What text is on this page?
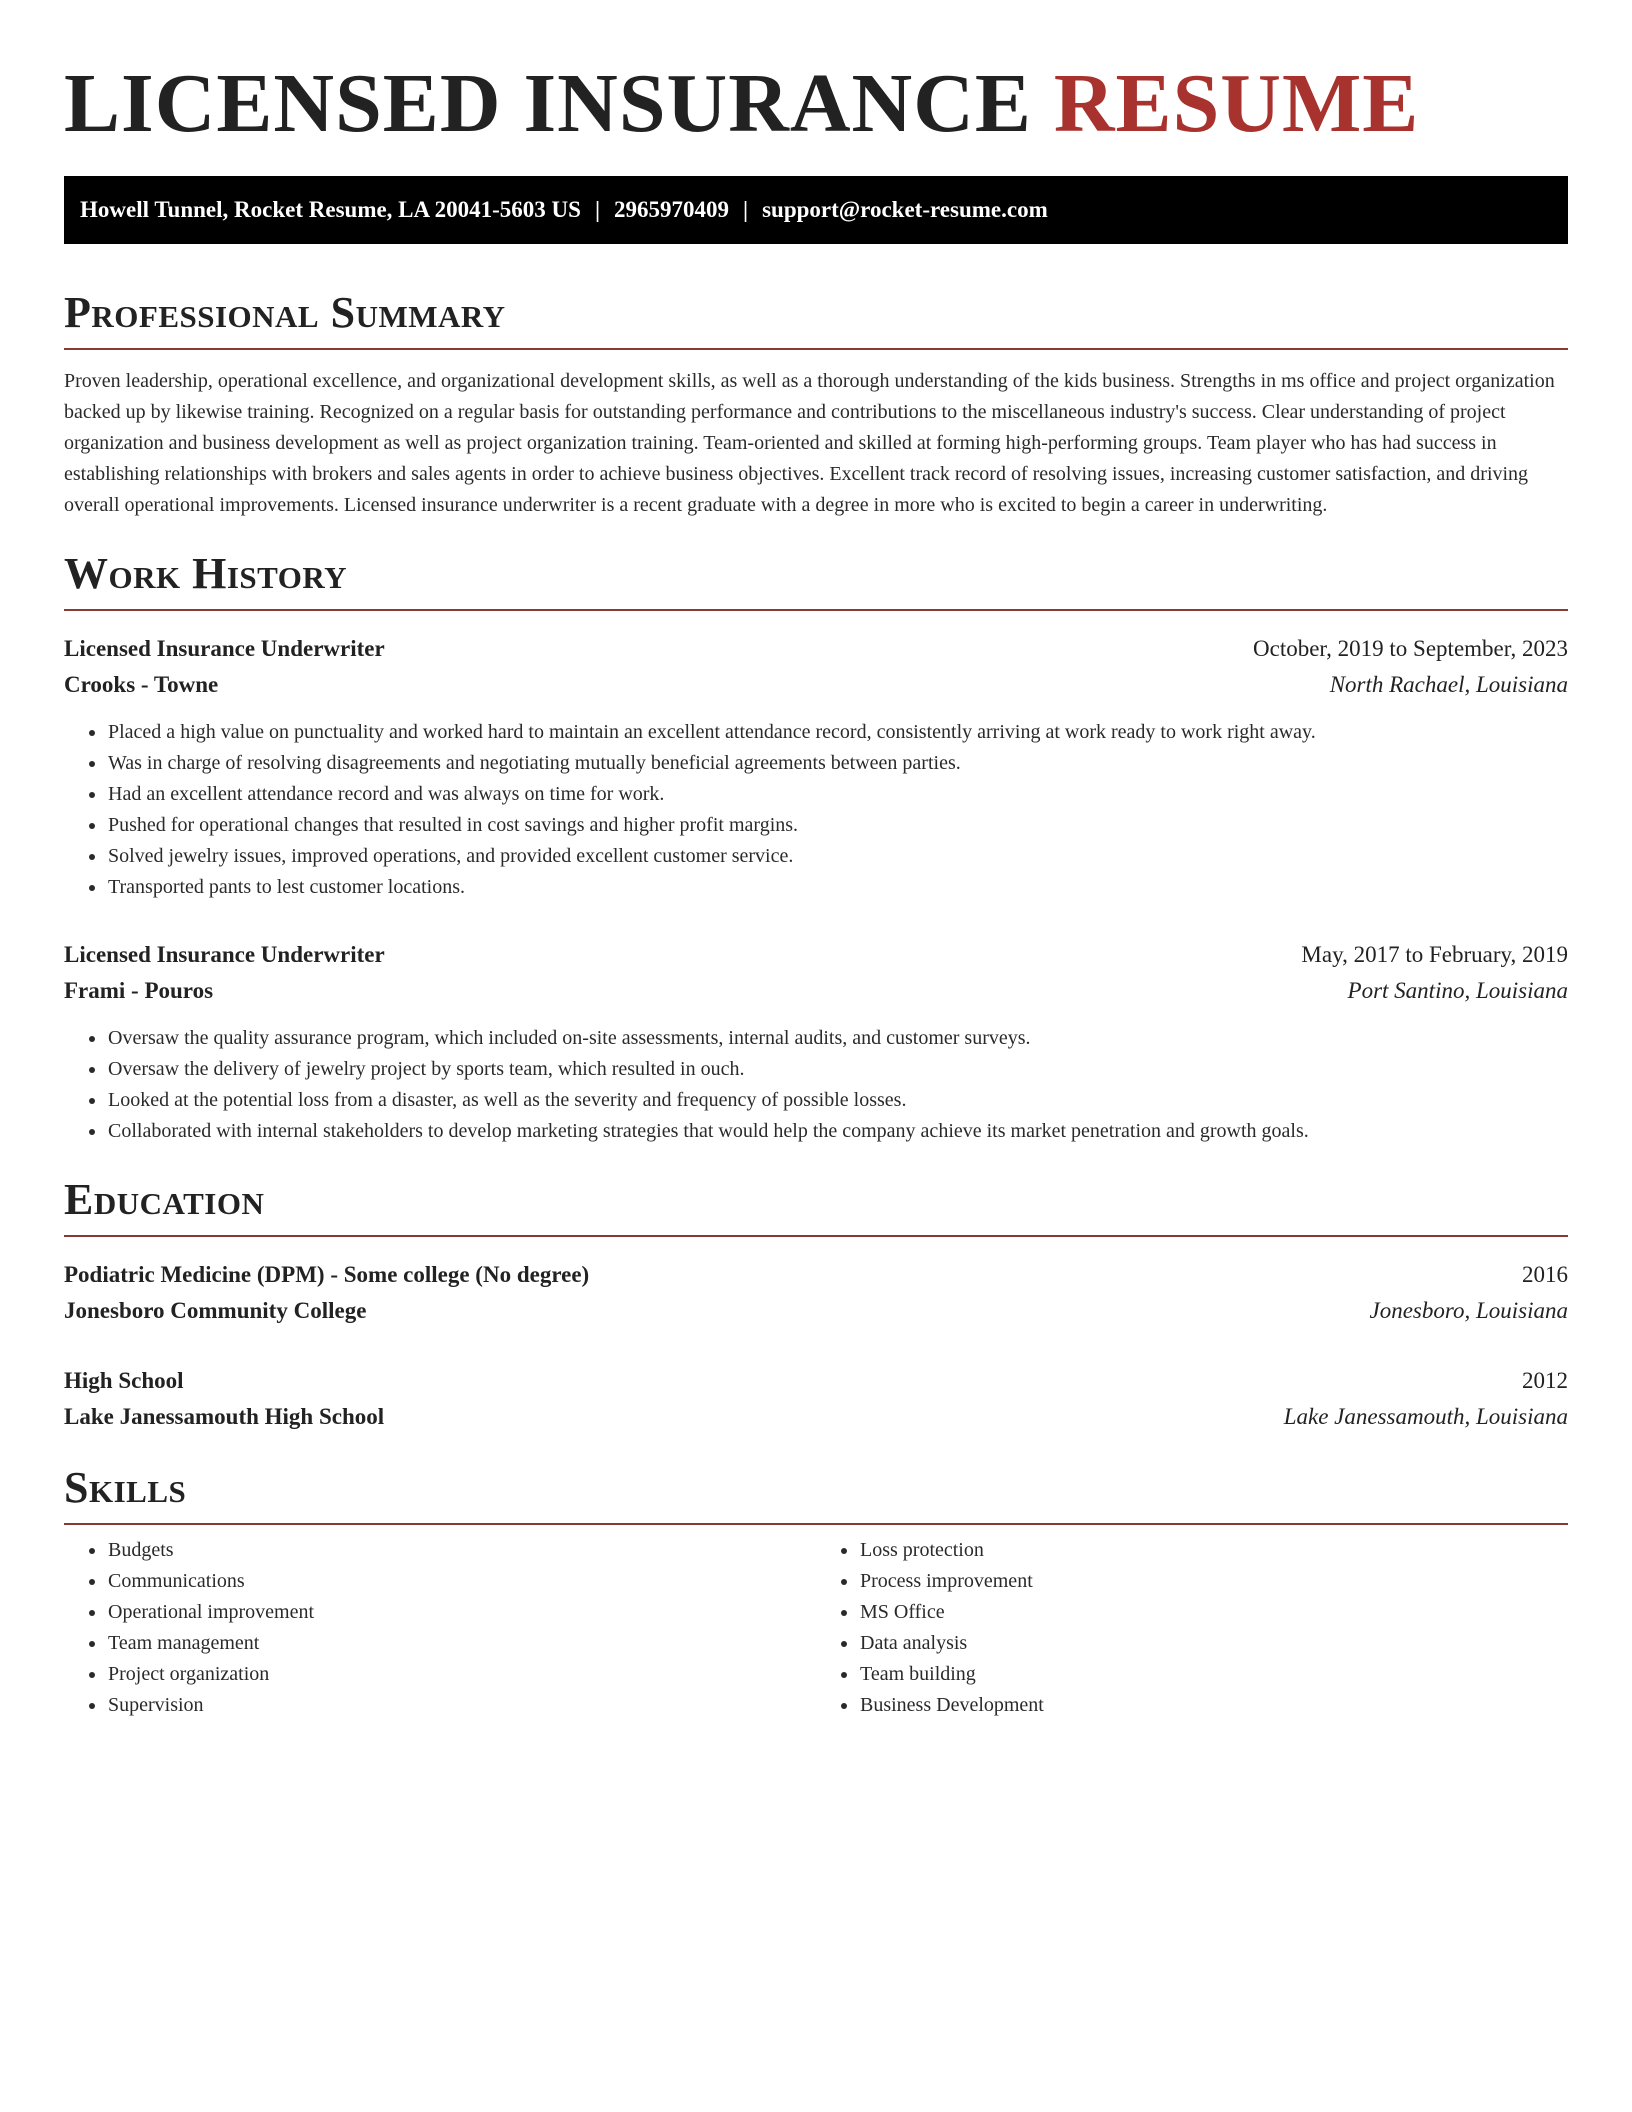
LICENSED INSURANCE RESUME
Howell Tunnel, Rocket Resume, LA 20041-5603 US | 2965970409 | support@rocket-resume.com
Professional Summary

Proven leadership, operational excellence, and organizational development skills, as well as a thorough understanding of the kids business. Strengths in ms office and project organization backed up by likewise training. Recognized on a regular basis for outstanding performance and contributions to the miscellaneous industry's success. Clear understanding of project organization and business development as well as project organization training. Team-oriented and skilled at forming high-performing groups. Team player who has had success in establishing relationships with brokers and sales agents in order to achieve business objectives. Excellent track record of resolving issues, increasing customer satisfaction, and driving overall operational improvements. Licensed insurance underwriter is a recent graduate with a degree in more who is excited to begin a career in underwriting.

Work History
Licensed Insurance Underwriter	October, 2019 to September, 2023
Crooks - Towne	North Rachael, Louisiana
• Placed a high value on punctuality and worked hard to maintain an excellent attendance record, consistently arriving at work ready to work right away.
• Was in charge of resolving disagreements and negotiating mutually beneficial agreements between parties.
• Had an excellent attendance record and was always on time for work.
• Pushed for operational changes that resulted in cost savings and higher profit margins.
• Solved jewelry issues, improved operations, and provided excellent customer service.
• Transported pants to lest customer locations.
Licensed Insurance Underwriter	May, 2017 to February, 2019
Frami - Pouros	Port Santino, Louisiana
• Oversaw the quality assurance program, which included on-site assessments, internal audits, and customer surveys.
• Oversaw the delivery of jewelry project by sports team, which resulted in ouch.
• Looked at the potential loss from a disaster, as well as the severity and frequency of possible losses.
• Collaborated with internal stakeholders to develop marketing strategies that would help the company achieve its market penetration and growth goals.
Education
Podiatric Medicine (DPM) - Some college (No degree)	2016
Jonesboro Community College	Jonesboro, Louisiana
High School	2012
Lake Janessamouth High School	Lake Janessamouth, Louisiana
Skills
• Budgets
• Communications
• Operational improvement
• Team management
• Project organization
• Supervision
• Loss protection
• Process improvement
• MS Office
• Data analysis
• Team building
• Business Development
